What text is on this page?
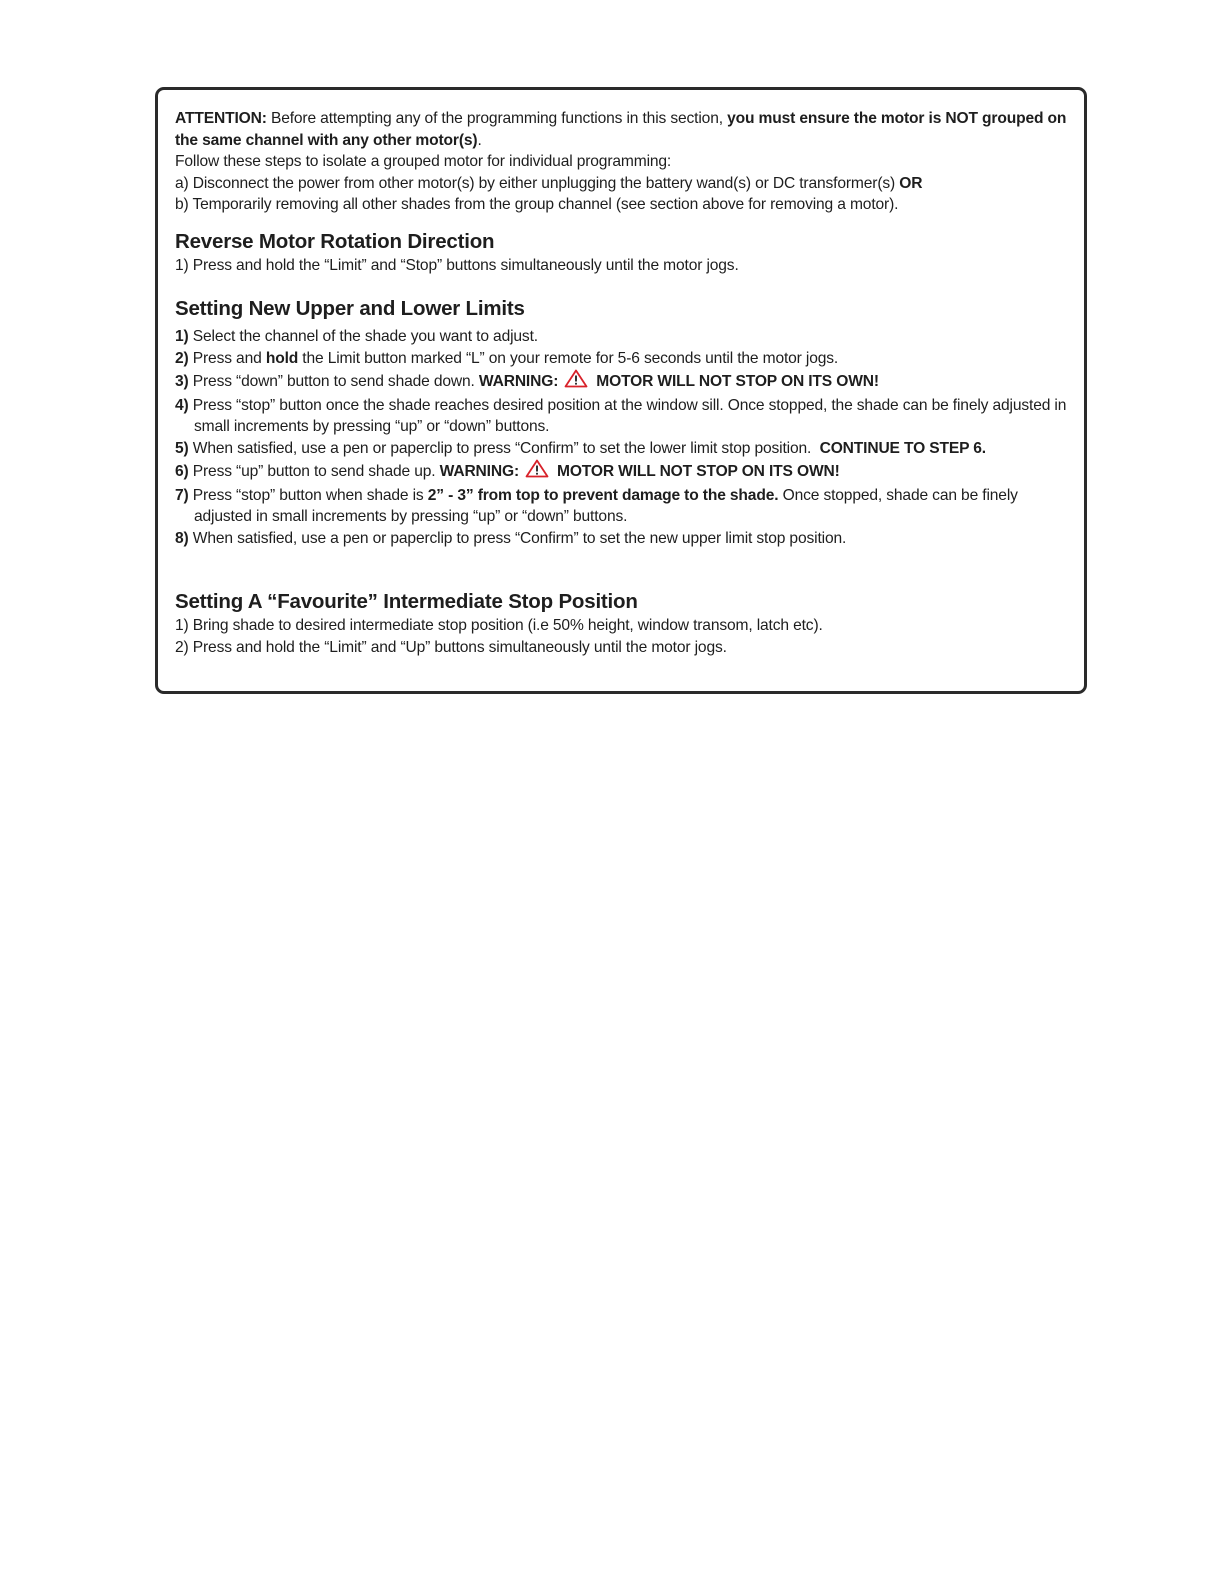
ATTENTION: Before attempting any of the programming functions in this section, you must ensure the motor is NOT grouped on the same channel with any other motor(s).
Follow these steps to isolate a grouped motor for individual programming:
a) Disconnect the power from other motor(s) by either unplugging the battery wand(s) or DC transformer(s) OR
b) Temporarily removing all other shades from the group channel (see section above for removing a motor).
Reverse Motor Rotation Direction
1) Press and hold the “Limit” and “Stop” buttons simultaneously until the motor jogs.
Setting New Upper and Lower Limits
1) Select the channel of the shade you want to adjust.
2) Press and hold the Limit button marked “L” on your remote for 5-6 seconds until the motor jogs.
3) Press “down” button to send shade down. WARNING: MOTOR WILL NOT STOP ON ITS OWN!
4) Press “stop” button once the shade reaches desired position at the window sill. Once stopped, the shade can be finely adjusted in small increments by pressing “up” or “down” buttons.
5) When satisfied, use a pen or paperclip to press “Confirm” to set the lower limit stop position.  CONTINUE TO STEP 6.
6) Press “up” button to send shade up. WARNING: MOTOR WILL NOT STOP ON ITS OWN!
7) Press “stop” button when shade is 2” - 3” from top to prevent damage to the shade. Once stopped, shade can be finely adjusted in small increments by pressing “up” or “down” buttons.
8) When satisfied, use a pen or paperclip to press “Confirm” to set the new upper limit stop position.
Setting A “Favourite” Intermediate Stop Position
1) Bring shade to desired intermediate stop position (i.e 50% height, window transom, latch etc).
2) Press and hold the “Limit” and “Up” buttons simultaneously until the motor jogs.
